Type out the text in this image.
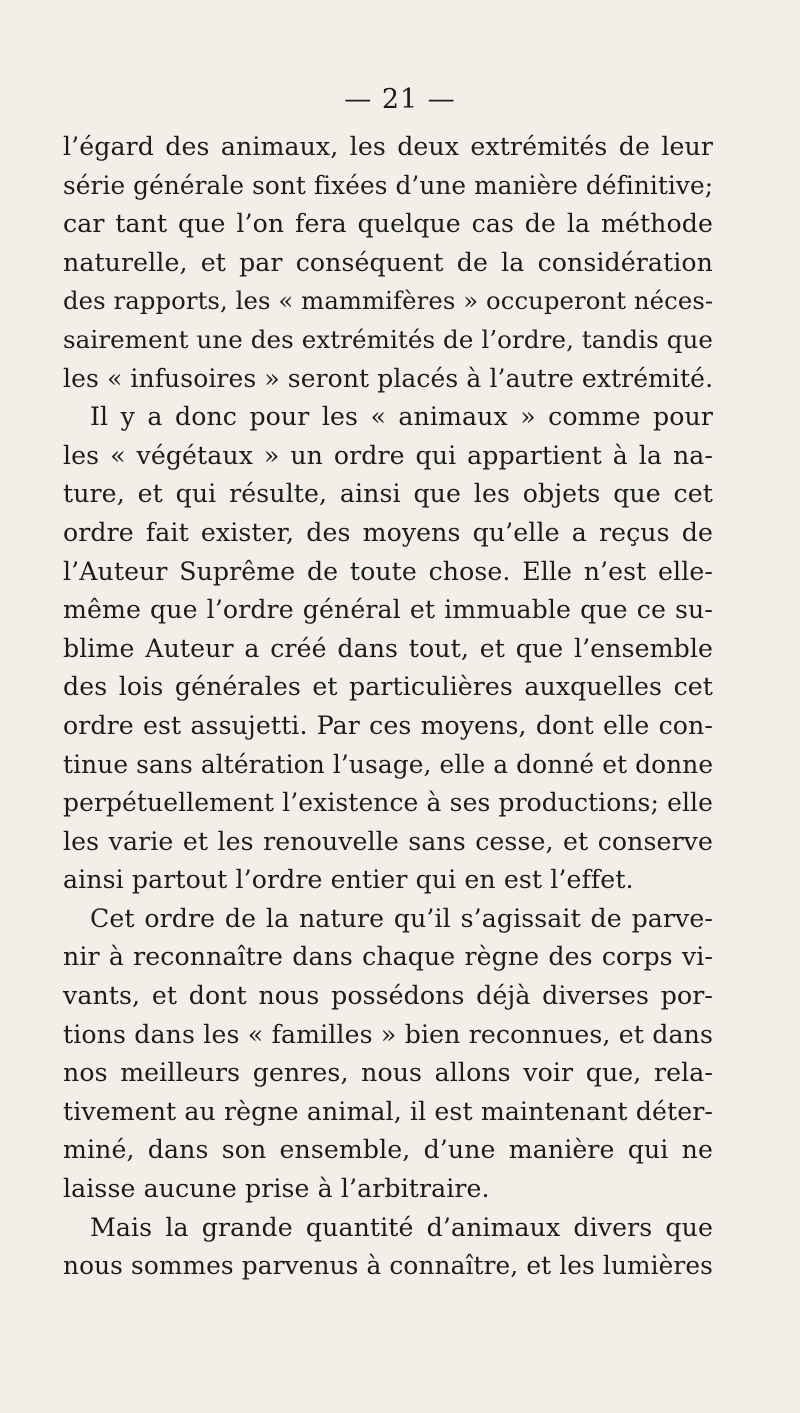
— 21 —
l’égard des animaux, les deux extrémités de leur
série générale sont fixées d’une manière définitive;
car tant que l’on fera quelque cas de la méthode
naturelle, et par conséquent de la considération
des rapports, les « mammifères » occuperont néces-
sairement une des extrémités de l’ordre, tandis que
les « infusoires » seront placés à l’autre extrémité.
Il y a donc pour les « animaux » comme pour
les « végétaux » un ordre qui appartient à la na-
ture, et qui résulte, ainsi que les objets que cet
ordre fait exister, des moyens qu’elle a reçus de
l’Auteur Suprême de toute chose. Elle n’est elle-
même que l’ordre général et immuable que ce su-
blime Auteur a créé dans tout, et que l’ensemble
des lois générales et particulières auxquelles cet
ordre est assujetti. Par ces moyens, dont elle con-
tinue sans altération l’usage, elle a donné et donne
perpétuellement l’existence à ses productions; elle
les varie et les renouvelle sans cesse, et conserve
ainsi partout l’ordre entier qui en est l’effet.
Cet ordre de la nature qu’il s’agissait de parve-
nir à reconnaître dans chaque règne des corps vi-
vants, et dont nous possédons déjà diverses por-
tions dans les « familles » bien reconnues, et dans
nos meilleurs genres, nous allons voir que, rela-
tivement au règne animal, il est maintenant déter-
miné, dans son ensemble, d’une manière qui ne
laisse aucune prise à l’arbitraire.
Mais la grande quantité d’animaux divers que
nous sommes parvenus à connaître, et les lumières
